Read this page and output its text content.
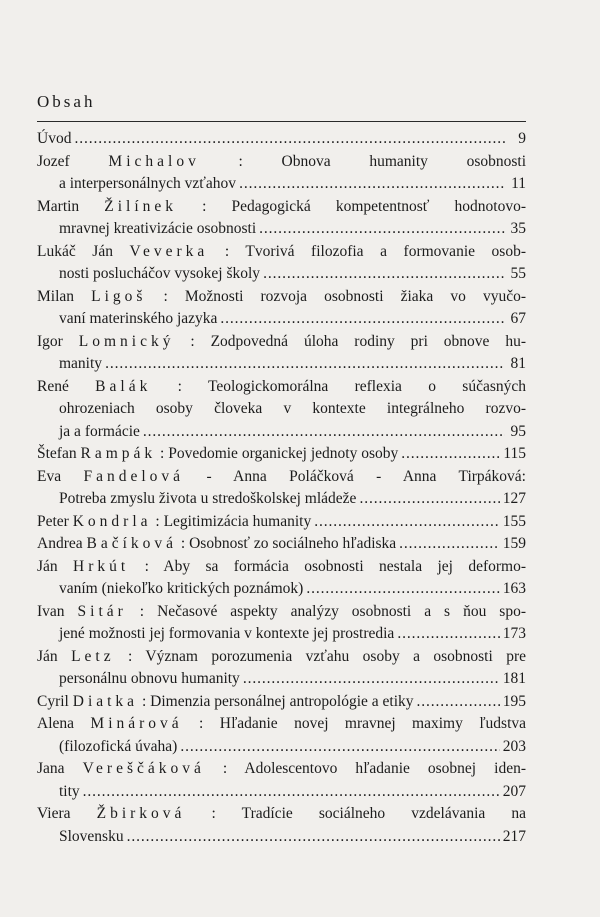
Obsah
Úvod . . .	9
Jozef Michalov : Obnova humanity osobnosti
a interpersonálnych vzťahov . . .	11
Martin Žilínek : Pedagogická kompetentnosť hodnotovo-
mravnej kreativizácie osobnosti . . .	35
Lukáč Ján Veverka : Tvorivá filozofia a formovanie osob-
nosti poslucháčov vysokej školy . . .	55
Milan Ligoš : Možnosti rozvoja osobnosti žiaka vo vyučo-
vaní materinského jazyka . . .	67
Igor Lomnický : Zodpovedná úloha rodiny pri obnove hu-
manity . . .	81
René Balák : Teologickomorálna reflexia o súčasných
ohrozeniach osoby človeka v kontexte integrálneho rozvo-
ja a formácie . . .	95
Štefan Rampák : Povedomie organickej jednoty osoby . . .	115
Eva Fandelová - Anna Poláčková - Anna Tirpáková:
Potreba zmyslu života u stredoškolskej mládeže . . .	127
Peter Kondrla : Legitimizácia humanity . . .	155
Andrea Bačíková : Osobnosť zo sociálneho hľadiska . . .	159
Ján Hrkút : Aby sa formácia osobnosti nestala jej deformo-
vaním (niekoľko kritických poznámok) . . .	163
Ivan Sitár : Nečasové aspekty analýzy osobnosti a s ňou spo-
jené možnosti jej formovania v kontexte jej prostredia . . .	173
Ján Letz : Význam porozumenia vzťahu osoby a osobnosti pre
personálnu obnovu humanity . . .	181
Cyril Diatka : Dimenzia personálnej antropológie a etiky . . .	195
Alena Minárová : Hľadanie novej mravnej maximy ľudstva
(filozofická úvaha) . . .	203
Jana Vereščáková : Adolescentovo hľadanie osobnej iden-
tity . . .	207
Viera Žbirková : Tradície sociálneho vzdelávania na
Slovensku . . .	217
